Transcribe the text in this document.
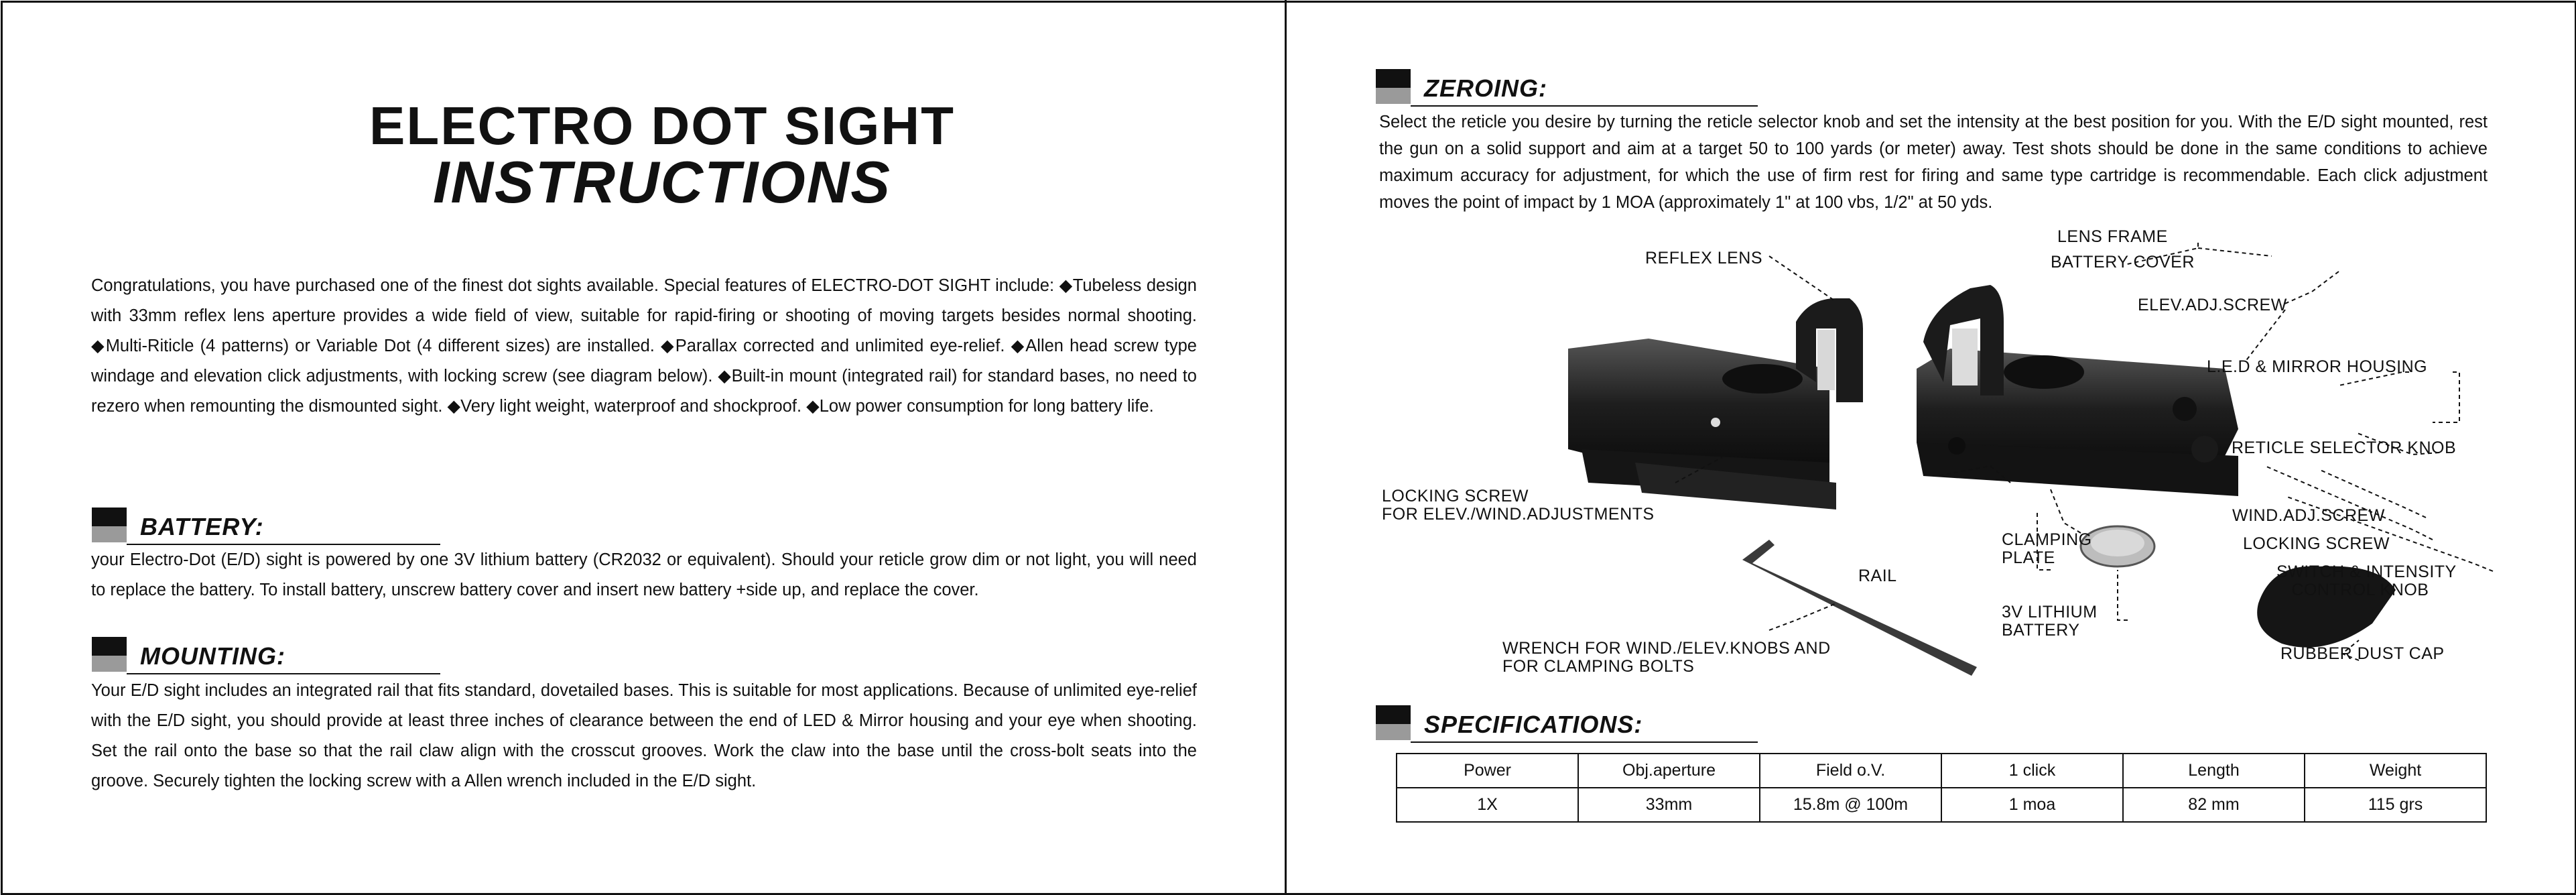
ELECTRO DOT SIGHT
INSTRUCTIONS

Congratulations, you have purchased one of the finest dot sights available. Special features of ELECTRO-DOT SIGHT include: ◆Tubeless design with 33mm reflex lens aperture provides a wide field of view, suitable for rapid-firing or shooting of moving targets besides normal shooting. ◆Multi-Riticle (4 patterns) or Variable Dot (4 different sizes) are installed. ◆Parallax corrected and unlimited eye-relief. ◆Allen head screw type windage and elevation click adjustments, with locking screw (see diagram below). ◆Built-in mount (integrated rail) for standard bases, no need to rezero when remounting the dismounted sight. ◆Very light weight, waterproof and shockproof. ◆Low power consumption for long battery life.

BATTERY:

your Electro-Dot (E/D) sight is powered by one 3V lithium battery (CR2032 or equivalent). Should your reticle grow dim or not light, you will need to replace the battery. To install battery, unscrew battery cover and insert new battery +side up, and replace the cover.

MOUNTING:

Your E/D sight includes an integrated rail that fits standard, dovetailed bases. This is suitable for most applications. Because of unlimited eye-relief with the E/D sight, you should provide at least three inches of clearance between the end of LED & Mirror housing and your eye when shooting. Set the rail onto the base so that the rail claw align with the crosscut grooves. Work the claw into the base until the cross-bolt seats into the groove. Securely tighten the locking screw with a Allen wrench included in the E/D sight.

ZEROING:

Select the reticle you desire by turning the reticle selector knob and set the intensity at the best position for you. With the E/D sight mounted, rest the gun on a solid support and aim at a target 50 to 100 yards (or meter) away. Test shots should be done in the same conditions to achieve maximum accuracy for adjustment, for which the use of firm rest for firing and same type cartridge is recommendable. Each click adjustment moves the point of impact by 1 MOA (approximately 1" at 100 vbs, 1/2" at 50 yds.

LENS FRAME
REFLEX LENS	BATTERY COVER
ELEV.ADJ.SCREW
L.E.D & MIRROR HOUSING
RETICLE SELECTOR KNOB
LOCKING SCREW
FOR ELEV./WIND.ADJUSTMENTS	WIND.ADJ.SCREW
CLAMPING
PLATE
LOCKING SCREW
SWITCH & INTENSITY
CONTROL KNOB
RAIL
3V LITHIUM
BATTERY
WRENCH FOR WIND./ELEV.KNOBS AND
FOR CLAMPING BOLTS
RUBBER DUST CAP
SPECIFICATIONS:
Power	Obj.aperture	Field o.V.	1 click	Length	Weight
1X	33mm	15.8m @ 100m	1 moa	82 mm	115 grs
